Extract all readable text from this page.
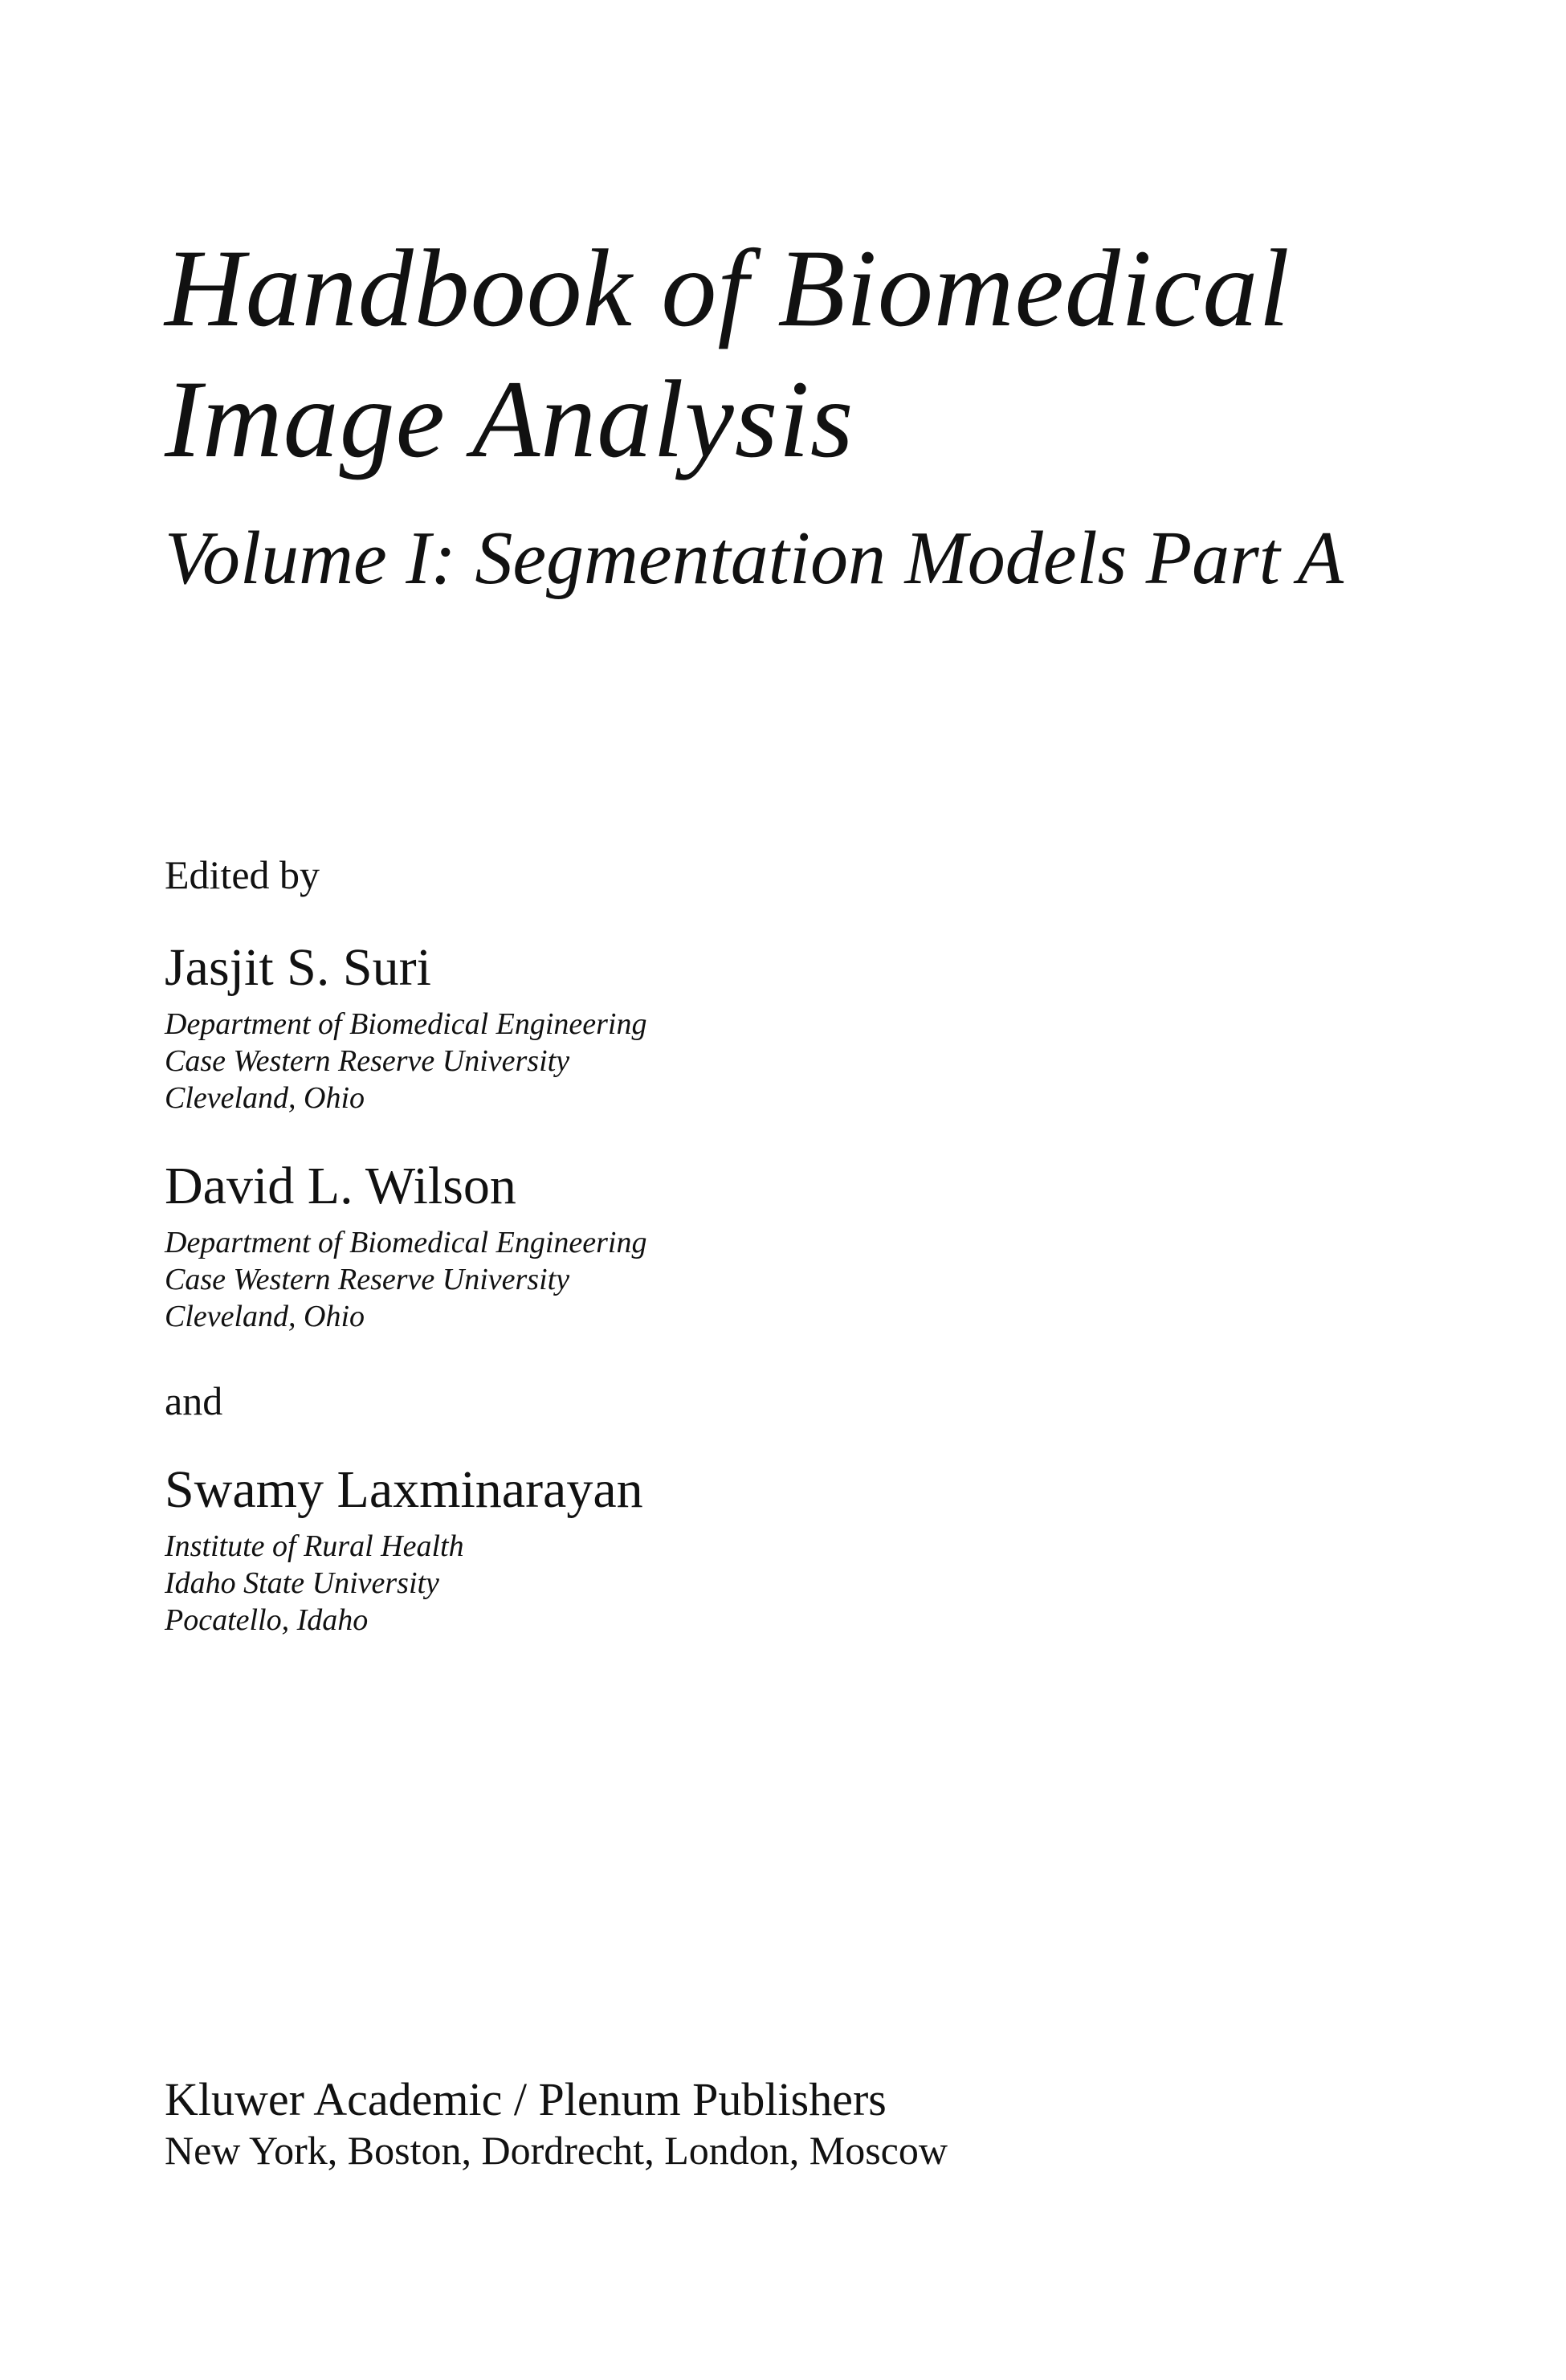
Handbook of Biomedical
Image Analysis
Volume I: Segmentation Models Part A
Edited by
Jasjit S. Suri
Department of Biomedical Engineering
Case Western Reserve University
Cleveland, Ohio
David L. Wilson
Department of Biomedical Engineering
Case Western Reserve University
Cleveland, Ohio
and
Swamy Laxminarayan
Institute of Rural Health
Idaho State University
Pocatello, Idaho
Kluwer Academic / Plenum Publishers
New York, Boston, Dordrecht, London, Moscow
